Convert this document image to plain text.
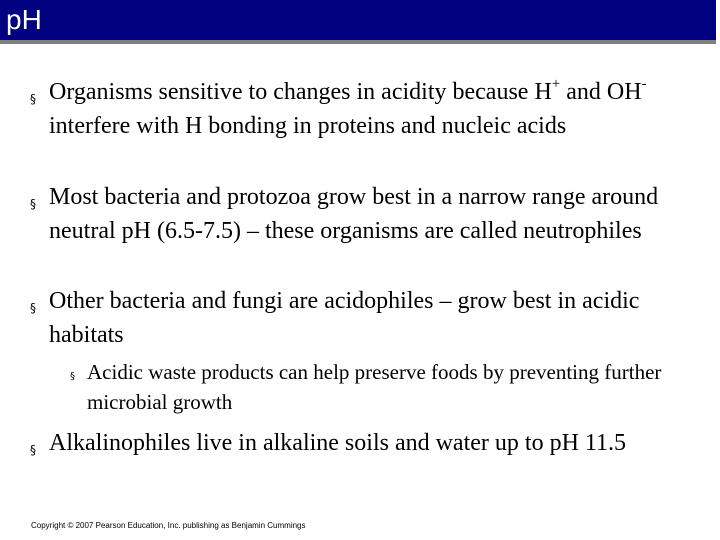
pH
§ Organisms sensitive to changes in acidity because H+ and OH- interfere with H bonding in proteins and nucleic acids
§ Most bacteria and protozoa grow best in a narrow range around neutral pH (6.5-7.5) – these organisms are called neutrophiles
§ Other bacteria and fungi are acidophiles – grow best in acidic habitats
§ Acidic waste products can help preserve foods by preventing further microbial growth
§ Alkalinophiles live in alkaline soils and water up to pH 11.5
Copyright © 2007 Pearson Education, Inc. publishing as Benjamin Cummings
